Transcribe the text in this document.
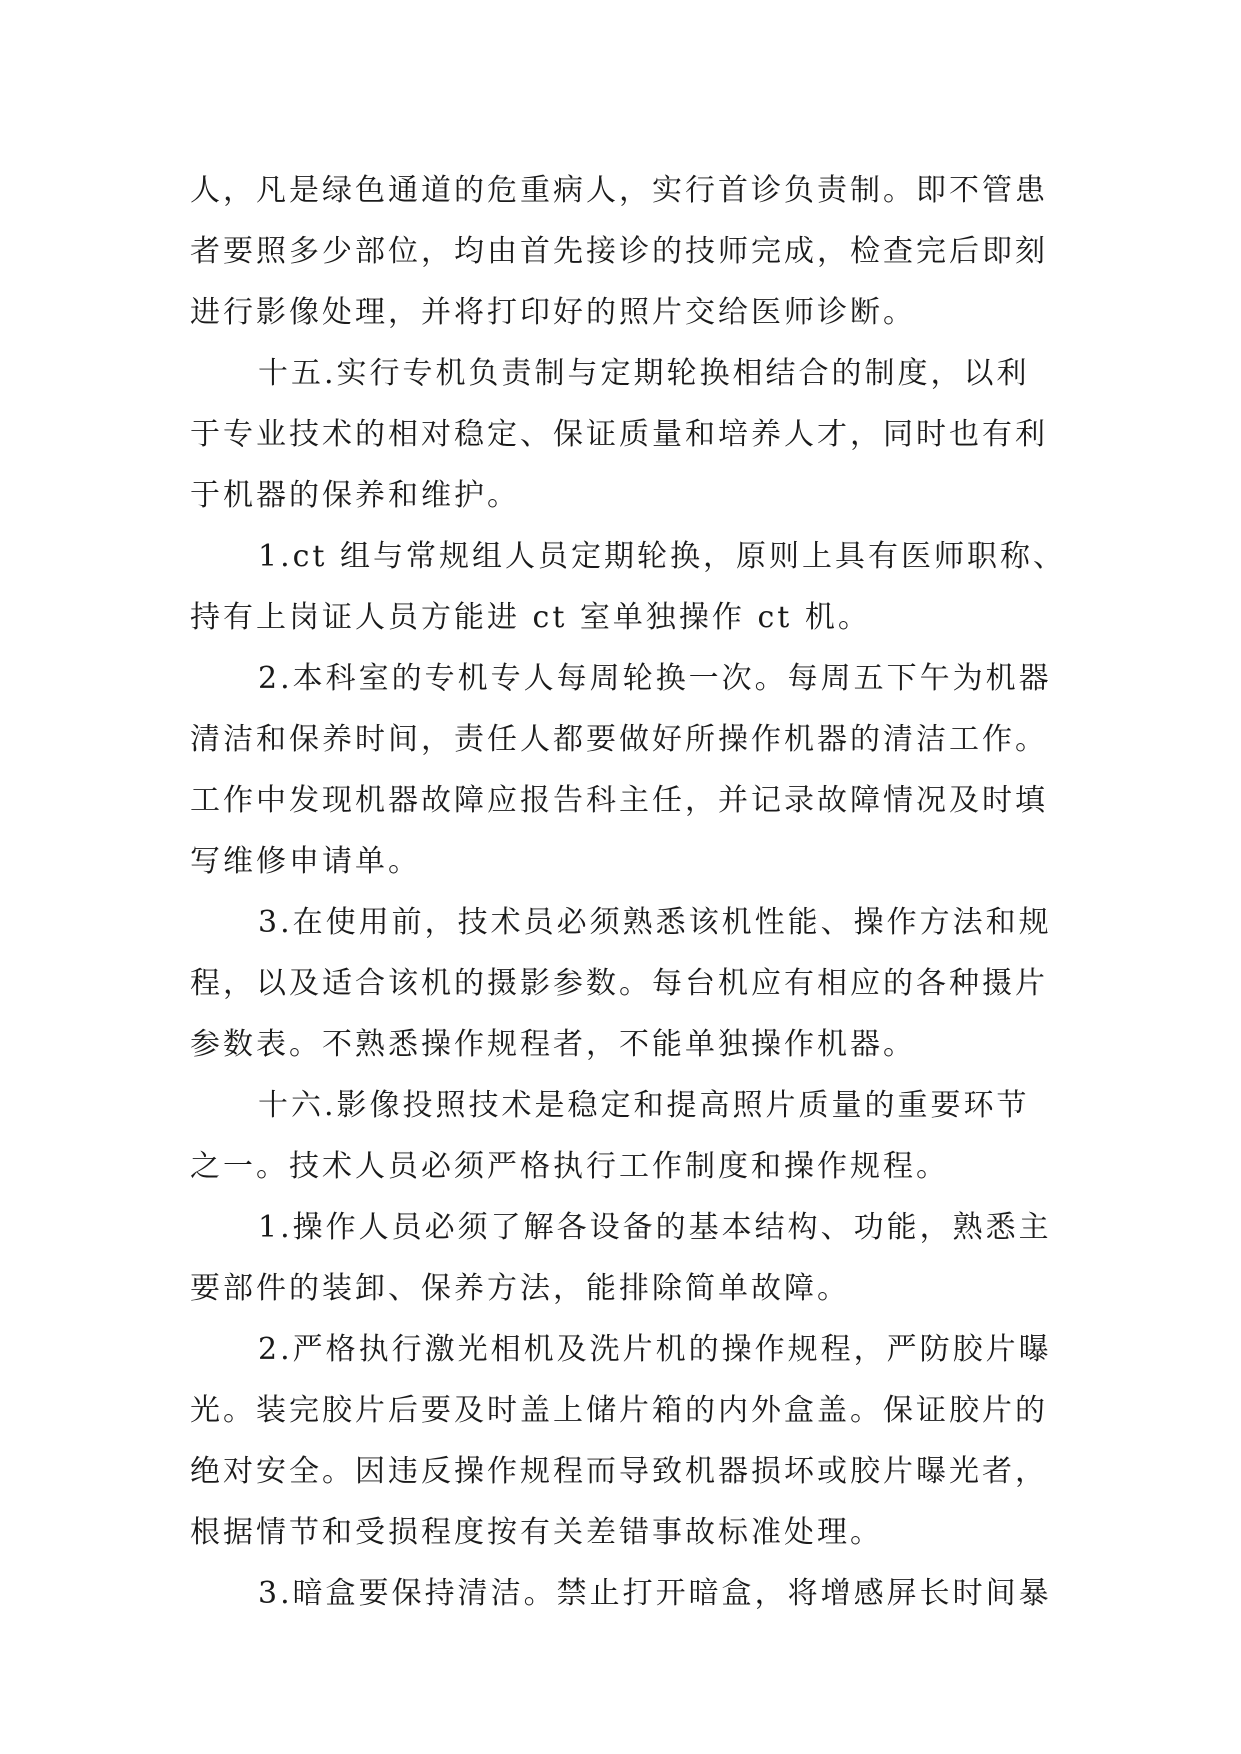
人，凡是绿色通道的危重病人，实行首诊负责制。即不管患
者要照多少部位，均由首先接诊的技师完成，检查完后即刻
进行影像处理，并将打印好的照片交给医师诊断。
十五.实行专机负责制与定期轮换相结合的制度，以利
于专业技术的相对稳定、保证质量和培养人才，同时也有利
于机器的保养和维护。
1.ct 组与常规组人员定期轮换，原则上具有医师职称、
持有上岗证人员方能进 ct 室单独操作 ct 机。
2.本科室的专机专人每周轮换一次。每周五下午为机器
清洁和保养时间，责任人都要做好所操作机器的清洁工作。
工作中发现机器故障应报告科主任，并记录故障情况及时填
写维修申请单。
3.在使用前，技术员必须熟悉该机性能、操作方法和规
程，以及适合该机的摄影参数。每台机应有相应的各种摄片
参数表。不熟悉操作规程者，不能单独操作机器。
十六.影像投照技术是稳定和提高照片质量的重要环节
之一。技术人员必须严格执行工作制度和操作规程。
1.操作人员必须了解各设备的基本结构、功能，熟悉主
要部件的装卸、保养方法，能排除简单故障。
2.严格执行激光相机及洗片机的操作规程，严防胶片曝
光。装完胶片后要及时盖上储片箱的内外盒盖。保证胶片的
绝对安全。因违反操作规程而导致机器损坏或胶片曝光者，
根据情节和受损程度按有关差错事故标准处理。
3.暗盒要保持清洁。禁止打开暗盒，将增感屏长时间暴
